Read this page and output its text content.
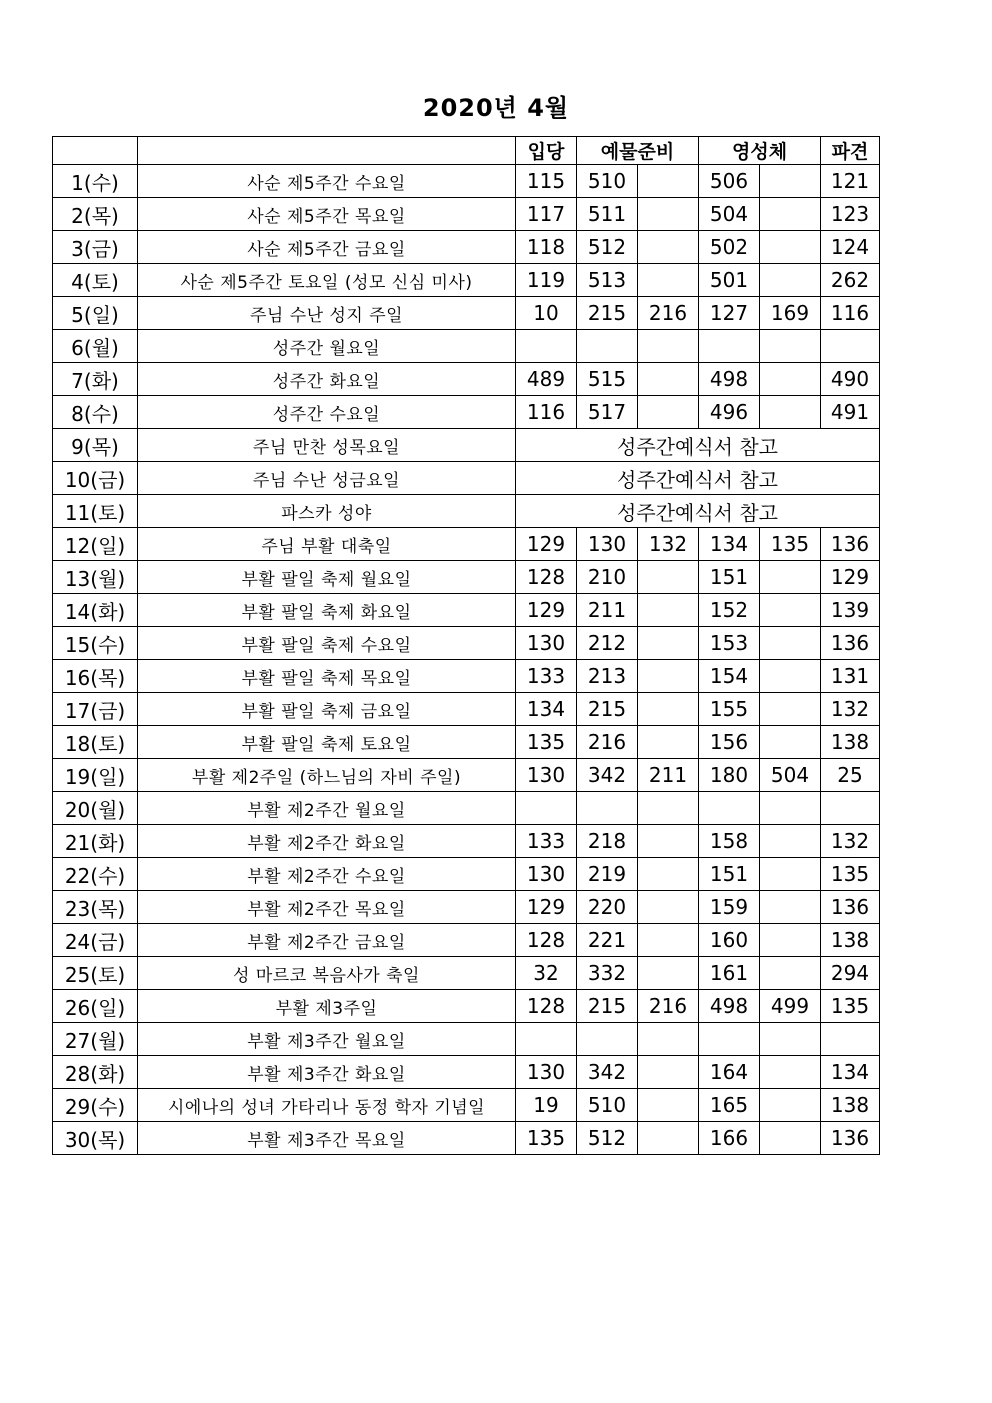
2020년 4월
		입당	예물준비		영성체		파견
1(수)	사순 제5주간 수요일	115	510		506		121
2(목)	사순 제5주간 목요일	117	511		504		123
3(금)	사순 제5주간 금요일	118	512		502		124
4(토)	사순 제5주간 토요일 (성모 신심 미사)	119	513		501		262
5(일)	주님 수난 성지 주일	10	215	216	127	169	116
6(월)	성주간 월요일						
7(화)	성주간 화요일	489	515		498		490
8(수)	성주간 수요일	116	517		496		491
9(목)	주님 만찬 성목요일	성주간예식서 참고					
10(금)	주님 수난 성금요일	성주간예식서 참고					
11(토)	파스카 성야	성주간예식서 참고					
12(일)	주님 부활 대축일	129	130	132	134	135	136
13(월)	부활 팔일 축제 월요일	128	210		151		129
14(화)	부활 팔일 축제 화요일	129	211		152		139
15(수)	부활 팔일 축제 수요일	130	212		153		136
16(목)	부활 팔일 축제 목요일	133	213		154		131
17(금)	부활 팔일 축제 금요일	134	215		155		132
18(토)	부활 팔일 축제 토요일	135	216		156		138
19(일)	부활 제2주일 (하느님의 자비 주일)	130	342	211	180	504	25
20(월)	부활 제2주간 월요일						
21(화)	부활 제2주간 화요일	133	218		158		132
22(수)	부활 제2주간 수요일	130	219		151		135
23(목)	부활 제2주간 목요일	129	220		159		136
24(금)	부활 제2주간 금요일	128	221		160		138
25(토)	성 마르코 복음사가 축일	32	332		161		294
26(일)	부활 제3주일	128	215	216	498	499	135
27(월)	부활 제3주간 월요일						
28(화)	부활 제3주간 화요일	130	342		164		134
29(수)	시에나의 성녀 가타리나 동정 학자 기념일	19	510		165		138
30(목)	부활 제3주간 목요일	135	512		166		136
